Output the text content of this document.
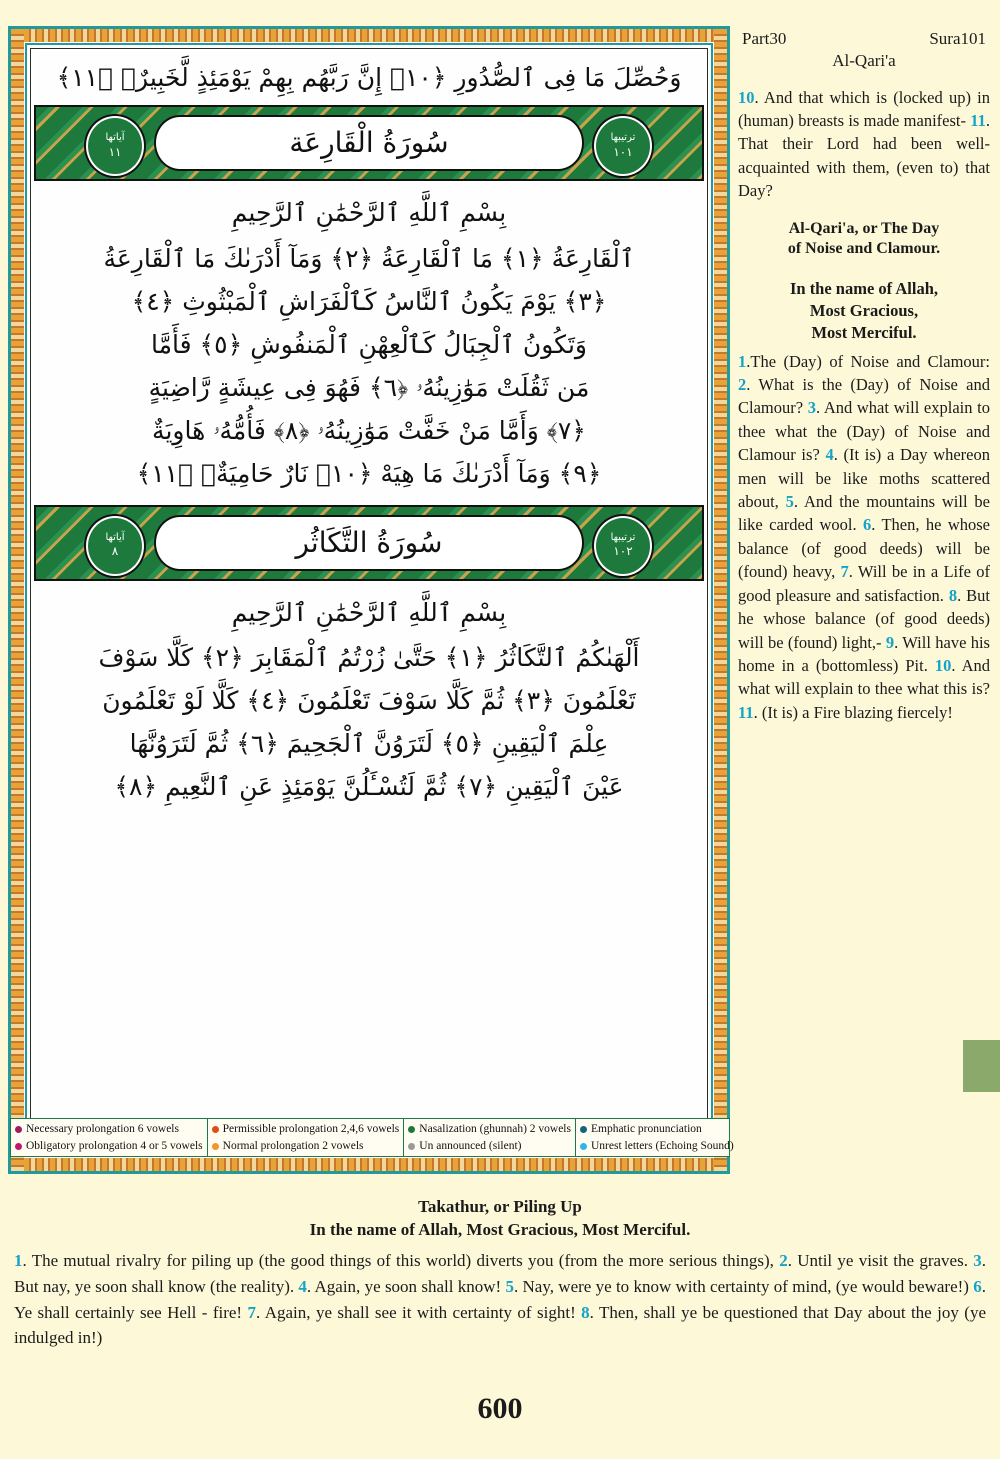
Part30	Sura101
Al-Qari'a
10. And that which is (locked up) in (human) breasts is made manifest- 11. That their Lord had been well-acquainted with them, (even to) that Day?
Al-Qari'a, or The Day
of Noise and Clamour.
In the name of Allah,
Most Gracious,
Most Merciful.
1.The (Day) of Noise and Clamour: 2. What is the (Day) of Noise and Clamour? 3. And what will explain to thee what the (Day) of Noise and Clamour is? 4. (It is) a Day whereon men will be like moths scattered about, 5. And the mountains will be like carded wool. 6. Then, he whose balance (of good deeds) will be (found) heavy, 7. Will be in a Life of good pleasure and satisfaction. 8. But he whose balance (of good deeds) will be (found) light,- 9. Will have his home in a (bottomless) Pit. 10. And what will explain to thee what this is? 11. (It is) a Fire blazing fiercely!
وَحُصِّلَ مَا فِى ٱلصُّدُورِ ﴿١٠﴾ إِنَّ رَبَّهُم بِهِمْ يَوْمَئِذٍ لَّخَبِيرٌۢ ﴿١١﴾
آياتها
١١	سُورَةُ الْقَارِعَة	ترتيبها
١٠١
بِسْمِ ٱللَّهِ ٱلرَّحْمَٰنِ ٱلرَّحِيمِ
ٱلْقَارِعَةُ ﴿١﴾ مَا ٱلْقَارِعَةُ ﴿٢﴾ وَمَآ أَدْرَىٰكَ مَا ٱلْقَارِعَةُ
﴿٣﴾ يَوْمَ يَكُونُ ٱلنَّاسُ كَٱلْفَرَاشِ ٱلْمَبْثُوثِ ﴿٤﴾
وَتَكُونُ ٱلْجِبَالُ كَٱلْعِهْنِ ٱلْمَنفُوشِ ﴿٥﴾ فَأَمَّا
مَن ثَقُلَتْ مَوَٰزِينُهُۥ ﴿٦﴾ فَهُوَ فِى عِيشَةٍ رَّاضِيَةٍ
﴿٧﴾ وَأَمَّا مَنْ خَفَّتْ مَوَٰزِينُهُۥ ﴿٨﴾ فَأُمُّهُۥ هَاوِيَةٌ
﴿٩﴾ وَمَآ أَدْرَىٰكَ مَا هِيَهْ ﴿١٠﴾ نَارٌ حَامِيَةٌۢ ﴿١١﴾
آياتها
٨	سُورَةُ التَّكَاثُر	ترتيبها
١٠٢
بِسْمِ ٱللَّهِ ٱلرَّحْمَٰنِ ٱلرَّحِيمِ
أَلْهَىٰكُمُ ٱلتَّكَاثُرُ ﴿١﴾ حَتَّىٰ زُرْتُمُ ٱلْمَقَابِرَ ﴿٢﴾ كَلَّا سَوْفَ
تَعْلَمُونَ ﴿٣﴾ ثُمَّ كَلَّا سَوْفَ تَعْلَمُونَ ﴿٤﴾ كَلَّا لَوْ تَعْلَمُونَ
عِلْمَ ٱلْيَقِينِ ﴿٥﴾ لَتَرَوُنَّ ٱلْجَحِيمَ ﴿٦﴾ ثُمَّ لَتَرَوُنَّهَا
عَيْنَ ٱلْيَقِينِ ﴿٧﴾ ثُمَّ لَتُسْـَٔلُنَّ يَوْمَئِذٍ عَنِ ٱلنَّعِيمِ ﴿٨﴾
Necessary prolongation 6 vowels
Obligatory prolongation 4 or 5 vowels
Permissible prolongation 2,4,6 vowels
Normal prolongation 2 vowels
Nasalization (ghunnah) 2 vowels
Un announced (silent)
Emphatic pronunciation
Unrest letters (Echoing Sound)
Takathur, or Piling Up
In the name of Allah, Most Gracious, Most Merciful.
1. The mutual rivalry for piling up (the good things of this world) diverts you (from the more serious things), 2. Until ye visit the graves. 3. But nay, ye soon shall know (the reality). 4. Again, ye soon shall know! 5. Nay, were ye to know with certainty of mind, (ye would beware!) 6. Ye shall certainly see Hell - fire! 7. Again, ye shall see it with certainty of sight! 8. Then, shall ye be questioned that Day about the joy (ye indulged in!)
600
